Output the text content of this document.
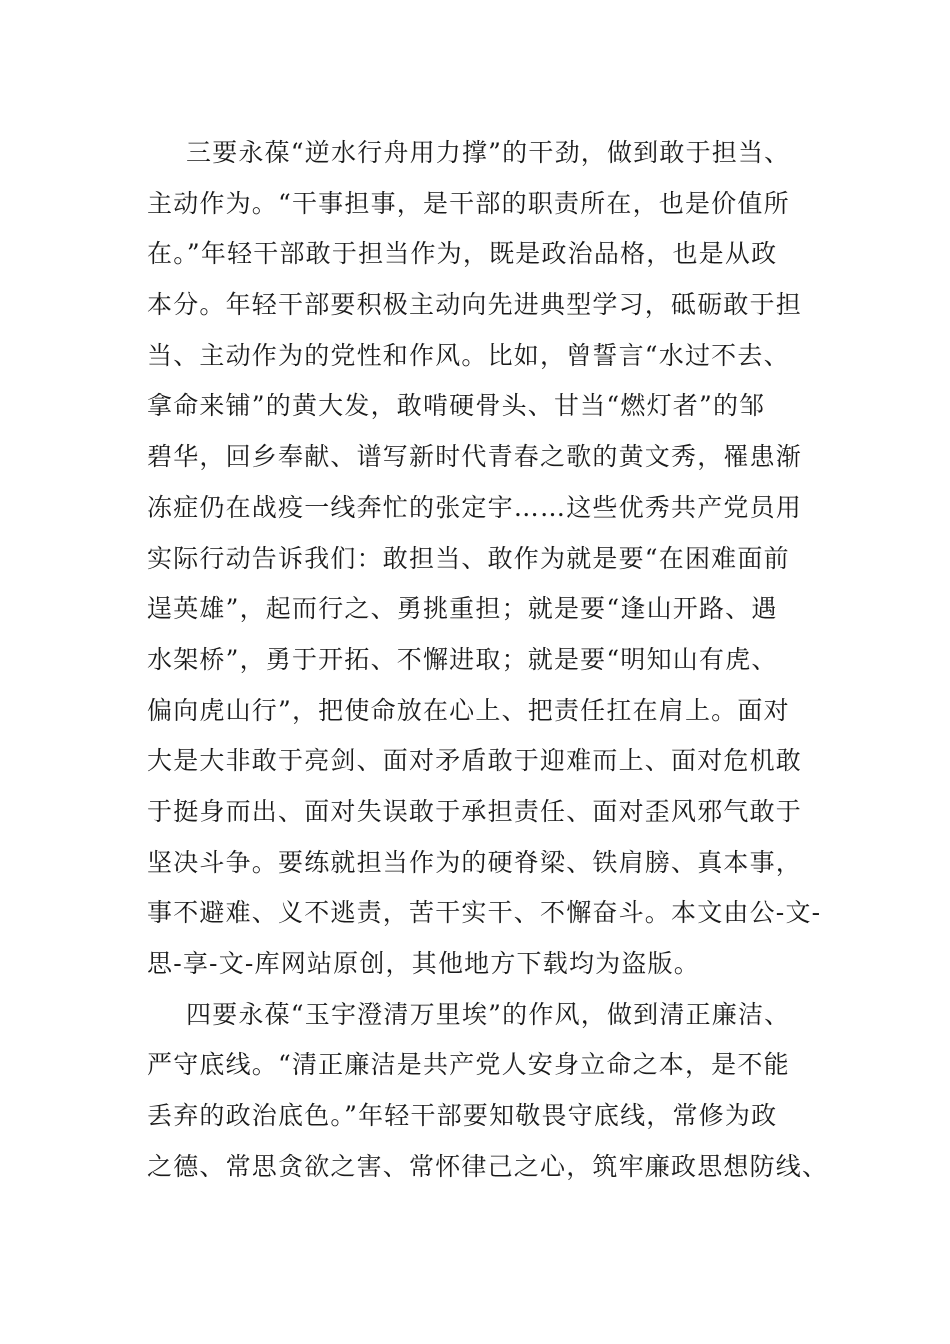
三要永葆“逆水行舟用力撑”的干劲，做到敢于担当、
主动作为。“干事担事，是干部的职责所在，也是价值所
在。”年轻干部敢于担当作为，既是政治品格，也是从政
本分。年轻干部要积极主动向先进典型学习，砥砺敢于担
当、主动作为的党性和作风。比如，曾誓言“水过不去、
拿命来铺”的黄大发，敢啃硬骨头、甘当“燃灯者”的邹
碧华，回乡奉献、谱写新时代青春之歌的黄文秀，罹患渐
冻症仍在战疫一线奔忙的张定宇……这些优秀共产党员用
实际行动告诉我们：敢担当、敢作为就是要“在困难面前
逞英雄”，起而行之、勇挑重担；就是要“逢山开路、遇
水架桥”，勇于开拓、不懈进取；就是要“明知山有虎、
偏向虎山行”，把使命放在心上、把责任扛在肩上。面对
大是大非敢于亮剑、面对矛盾敢于迎难而上、面对危机敢
于挺身而出、面对失误敢于承担责任、面对歪风邪气敢于
坚决斗争。要练就担当作为的硬脊梁、铁肩膀、真本事，
事不避难、义不逃责，苦干实干、不懈奋斗。本文由公-文-
思-享-文-库网站原创，其他地方下载均为盗版。
四要永葆“玉宇澄清万里埃”的作风，做到清正廉洁、
严守底线。“清正廉洁是共产党人安身立命之本，是不能
丢弃的政治底色。”年轻干部要知敬畏守底线，常修为政
之德、常思贪欲之害、常怀律己之心，筑牢廉政思想防线、
